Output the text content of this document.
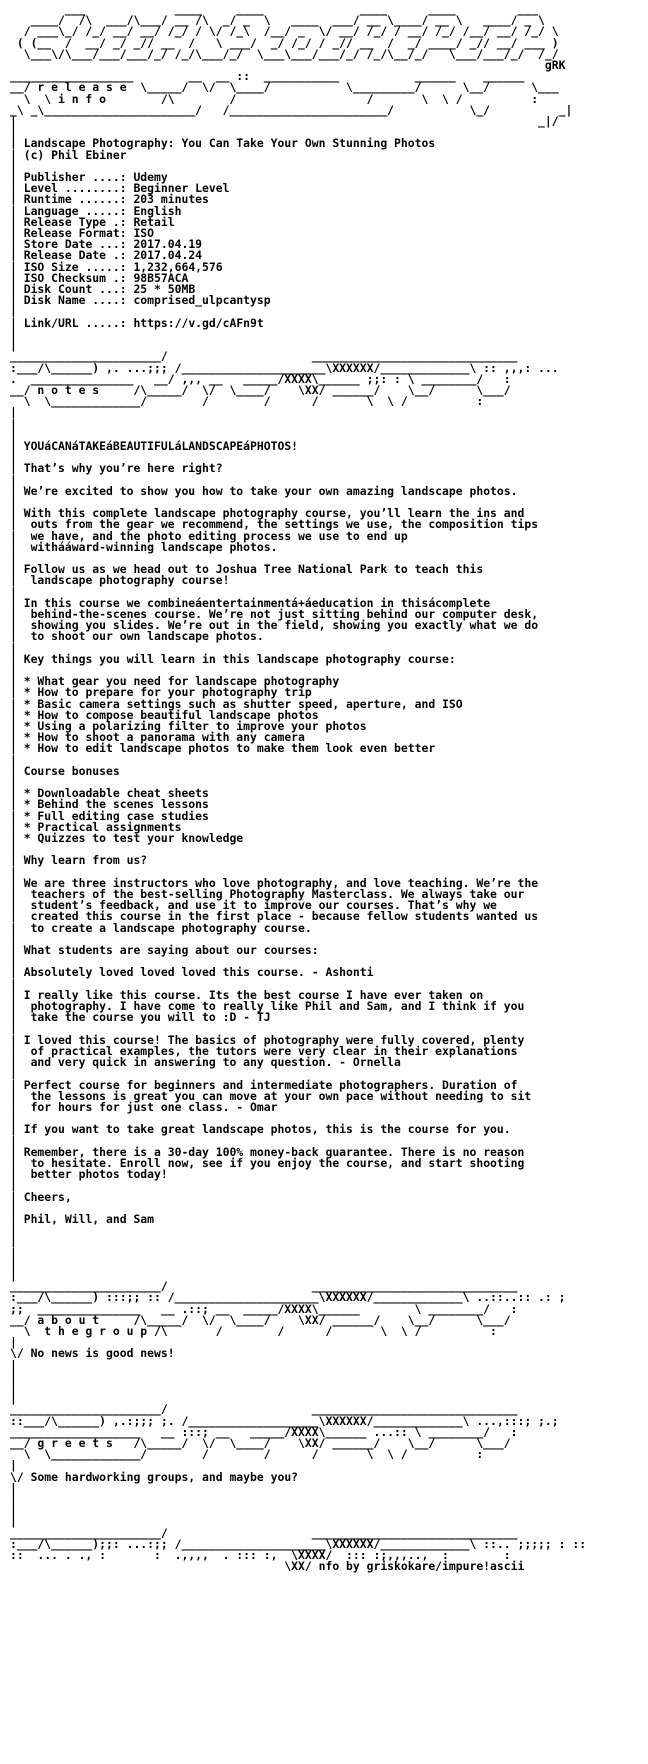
___             ____     ____              ____      ____         ___
____/  /\  ___/\___/ __ /\  _/ _  \   ____  ___/ __ \____/ __ \   ____/ _ \
/ ___\_/ /_/ __/ __/ /_/ / \/ /_\  /__/ _  \/ __/ /_/ / __/ /_/ /__/ __/ /_/ \
( (__  /  __/ _/ _// __  /   \ ___/  _/ /_/ / _// __  /  _/ ____/ _// __/ ___ )
\___\/\___/___/___/_/ /_/\___/_/  \___\___/___/_/ /_/\__/_/   \___/___/_/  /_/
gRK
__________________        __  __ ::  ___________           ______    ______
__/ r e l e a s e  \_____/  \/  \____/           \_________/      \__/      \___
\  \ i n f o        /\        /                   /       \  \ /          :
_\ _\______________________/   /_______________________/           \_/          _|
|                                                                            _|/
|
| Landscape Photography: You Can Take Your Own Stunning Photos
| (c) Phil Ebiner
|
| Publisher ....: Udemy
| Level ........: Beginner Level
| Runtime ......: 203 minutes
| Language .....: English
| Release Type .: Retail
| Release Format: ISO
| Store Date ...: 2017.04.19
| Release Date .: 2017.04.24
| ISO Size .....: 1,232,664,576
| ISO Checksum .: 98B57ACA
| Disk Count ...: 25 * 50MB
| Disk Name ....: comprised_ulpcantysp
|
| Link/URL .....: https://v.gd/cAFn9t
|
|
______________________/                     ______________________________
:___/\______) ,. ...;;; /_____________________\XXXXXX/_____________\ :: ,,,: ...
.  _______________   __/ ,,, __   _____/XXXX\______ ;;: : \ ________/   :
__/ n o t e s     /\_____/  \/  \____/    \XX/ ______/    \__/      \___/
\  \_____________/        /        /      /       \  \ /          :
|
|
|
| YOUáCANáTAKEáBEAUTIFULáLANDSCAPEáPHOTOS!
|
| That’s why you’re here right?
|
| We’re excited to show you how to take your own amazing landscape photos.
|
| With this complete landscape photography course, you’ll learn the ins and
|  outs from the gear we recommend, the settings we use, the composition tips
|  we have, and the photo editing process we use to end up
|  withááward-winning landscape photos.
|
| Follow us as we head out to Joshua Tree National Park to teach this
|  landscape photography course!
|
| In this course we combineáentertainmentá+áeducation in thisácomplete
|  behind-the-scenes course. We’re not just sitting behind our computer desk,
|  showing you slides. We’re out in the field, showing you exactly what we do
|  to shoot our own landscape photos.
|
| Key things you will learn in this landscape photography course:
|
| * What gear you need for landscape photography
| * How to prepare for your photography trip
| * Basic camera settings such as shutter speed, aperture, and ISO
| * How to compose beautiful landscape photos
| * Using a polarizing filter to improve your photos
| * How to shoot a panorama with any camera
| * How to edit landscape photos to make them look even better
|
| Course bonuses
|
| * Downloadable cheat sheets
| * Behind the scenes lessons
| * Full editing case studies
| * Practical assignments
| * Quizzes to test your knowledge
|
| Why learn from us?
|
| We are three instructors who love photography, and love teaching. We’re the
|  teachers of the best-selling Photography Masterclass. We always take our
|  student’s feedback, and use it to improve our courses. That’s why we
|  created this course in the first place - because fellow students wanted us
|  to create a landscape photography course.
|
| What students are saying about our courses:
|
| Absolutely loved loved loved this course. - Ashonti
|
| I really like this course. Its the best course I have ever taken on
|  photography. I have come to really like Phil and Sam, and I think if you
|  take the course you will to :D - TJ
|
| I loved this course! The basics of photography were fully covered, plenty
|  of practical examples, the tutors were very clear in their explanations
|  and very quick in answering to any question. - Ornella
|
| Perfect course for beginners and intermediate photographers. Duration of
|  the lessons is great you can move at your own pace without needing to sit
|  for hours for just one class. - Omar
|
| If you want to take great landscape photos, this is the course for you.
|
| Remember, there is a 30-day 100% money-back guarantee. There is no reason
|  to hesitate. Enroll now, see if you enjoy the course, and start shooting
|  better photos today!
|
| Cheers,
|
| Phil, Will, and Sam
|
|
|
|
|
______________________/                     ______________________________
:___/\______) :::;; :: /_____________________\XXXXXX/_____________\ ..::..:: .: ;
;;  _______________   __ .::; __  _____/XXXX\______        \ ________/   :
__/ a b o u t     /\_____/  \/  \____/    \XX/ ______/    \__/      \___/
\  t h e g r o u p /\       /        /      /       \  \ /          :
|
\/ No news is good news!
|
|
|
|
______________________/                     ______________________________
::___/\______) ,.:;;; ;. /___________________\XXXXXX/_____________\ ...,:::; ;.;
___________________   __ :::; __   _____/XXXX\______ ...:: \ ________/   :
__/ g r e e t s   /\_____/  \/  \____/    \XX/ ______/    \__/      \___/
\  \_____________/        /        /      /       \  \ /          :
|
\/ Some hardworking groups, and maybe you?
|
|
|
|
______________________/                     ______________________________
:___/\______);;: ...:;; /_____________________\XXXXXX/_____________\ ::.. ;;;;; : ::
::  ... . ., :       :  .,,,,  . ::: :,  \XXXX/  ::: :;,,,..,  :        :
\XX/ nfo by griskokare/impure!ascii
